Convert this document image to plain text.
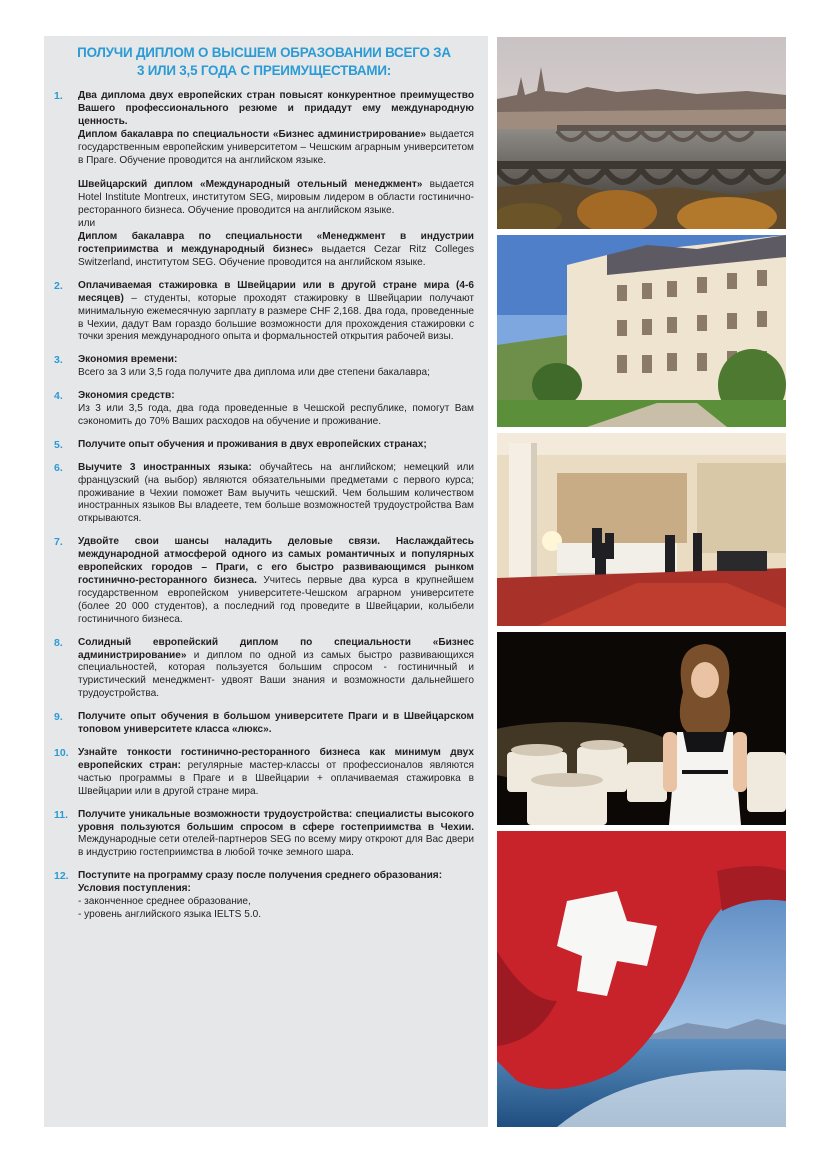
ПОЛУЧИ ДИПЛОМ О ВЫСШЕМ ОБРАЗОВАНИИ ВСЕГО ЗА
3 ИЛИ 3,5 ГОДА С ПРЕИМУЩЕСТВАМИ:
1. Два диплома двух европейских стран повысят конкурентное преимущество Вашего профессионального резюме и придадут ему международную ценность.
Диплом бакалавра по специальности «Бизнес администрирование» выдается государственным европейским университетом – Чешским аграрным университетом в Праге. Обучение проводится на английском языке.
Швейцарский диплом «Международный отельный менеджмент» выдается Hotel Institute Montreux, институтом SEG, мировым лидером в области гостинично-ресторанного бизнеса. Обучение проводится на английском языке.
или
Диплом бакалавра по специальности «Менеджмент в индустрии гостеприимства и международный бизнес» выдается Cezar Ritz Colleges Switzerland, институтом SEG. Обучение проводится на английском языке.
2. Оплачиваемая стажировка в Швейцарии или в другой стране мира (4-6 месяцев) – студенты, которые проходят стажировку в Швейцарии получают минимальную ежемесячную зарплату в размере CHF 2,168. Два года, проведенные в Чехии, дадут Вам гораздо большие возможности для прохождения стажировки с точки зрения международного опыта и формальностей открытия рабочей визы.
3. Экономия времени:
Всего за 3 или 3,5 года получите два диплома или две степени бакалавра;
4. Экономия средств:
Из 3 или 3,5 года, два года проведенные в Чешской республике, помогут Вам сэкономить до 70% Ваших расходов на обучение и проживание.
5. Получите опыт обучения и проживания в двух европейских странах;
6. Выучите 3 иностранных языка: обучайтесь на английском; немецкий или французский (на выбор) являются обязательными предметами с первого курса; проживание в Чехии поможет Вам выучить чешский. Чем большим количеством иностранных языков Вы владеете, тем больше возможностей трудоустройства Вам открываются.
7. Удвойте свои шансы наладить деловые связи. Наслаждайтесь международной атмосферой одного из самых романтичных и популярных европейских городов – Праги, с его быстро развивающимся рынком гостинично-ресторанного бизнеса. Учитесь первые два курса в крупнейшем государственном европейском университете-Чешском аграрном университете (более 20 000 студентов), а последний год проведите в Швейцарии, колыбели гостиничного бизнеса.
8. Солидный европейский диплом по специальности «Бизнес администрирование» и диплом по одной из самых быстро развивающихся специальностей, которая пользуется большим спросом - гостиничный и туристический менеджмент- удвоят Ваши знания и возможности дальнейшего трудоустройства.
9. Получите опыт обучения в большом университете Праги и в Швейцарском топовом университете класса «люкс».
10. Узнайте тонкости гостинично-ресторанного бизнеса как минимум двух европейских стран: регулярные мастер-классы от профессионалов являются частью программы в Праге и в Швейцарии + оплачиваемая стажировка в Швейцарии или в другой стране мира.
11. Получите уникальные возможности трудоустройства: специалисты высокого уровня пользуются большим спросом в сфере гостеприимства в Чехии. Международные сети отелей-партнеров SEG по всему миру откроют для Вас двери в индустрию гостеприимства в любой точке земного шара.
12. Поступите на программу сразу после получения среднего образования:
Условия поступления:
- законченное среднее образование,
- уровень английского языка IELTS 5.0.
